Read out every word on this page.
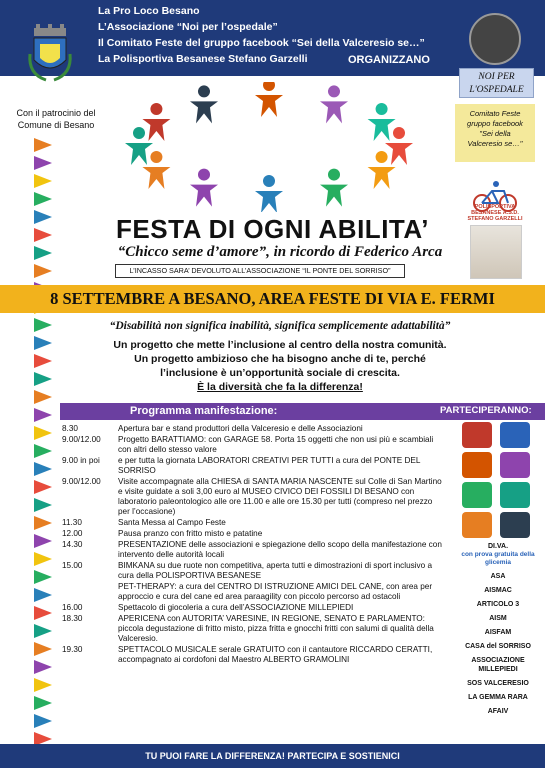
La Pro Loco Besano
L’Associazione “Noi per l’ospedale”
Il Comitato Feste del gruppo facebook “Sei della Valceresio se…”
La Polisportiva Besanese Stefano Garzelli	ORGANIZZANO
Con il patrocinio del Comune di Besano
NOI PER
L'OSPEDALE
Comitato Feste
gruppo facebook
"Sei della
Valceresio se…"
POLISPORTIVA BESANESE A.S.D. STEFANO GARZELLI
FESTA DI OGNI ABILITA’
“Chicco seme d’amore”, in ricordo di Federico Arca
L’INCASSO SARA’ DEVOLUTO ALL’ASSOCIAZIONE “IL PONTE DEL SORRISO”
8 SETTEMBRE A BESANO, AREA FESTE DI VIA E. FERMI
“Disabilità non significa inabilità, significa semplicemente adattabilità”
Un progetto che mette l’inclusione al centro della nostra comunità.
Un progetto ambizioso che ha bisogno anche di te, perché
l’inclusione è un’opportunità sociale di crescita.
È la diversità che fa la differenza!
Programma manifestazione:	PARTECIPERANNO:
8.30	Apertura bar e stand produttori della Valceresio e delle Associazioni
9.00/12.00	Progetto BARATTIAMO: con GARAGE 58. Porta 15 oggetti che non usi più e scambiali con altri dello stesso valore
9.00 in poi	e per tutta la giornata LABORATORI CREATIVI PER TUTTI a cura del PONTE DEL SORRISO
9.00/12.00	Visite accompagnate alla CHIESA di SANTA MARIA NASCENTE sul Colle di San Martino e visite guidate a soli 3,00 euro al MUSEO CIVICO DEI FOSSILI DI BESANO con laboratorio paleontologico alle ore 11.00 e alle ore 15.30 per tutti (compreso nel prezzo per l’occasione)
11.30	Santa Messa al Campo Feste
12.00	Pausa pranzo con fritto misto e patatine
14.30	PRESENTAZIONE delle associazioni e spiegazione dello scopo della manifestazione con intervento delle autorità locali
15.00	BIMKANA su due ruote non competitiva, aperta tutti e dimostrazioni di sport inclusivo a cura della POLISPORTIVA BESANESE
PET-THERAPY: a cura del CENTRO DI ISTRUZIONE AMICI DEL CANE, con area per approccio e cura del cane ed area paraagility con piccolo percorso ad ostacoli
16.00	Spettacolo di giocoleria a cura dell’ASSOCIAZIONE MILLEPIEDI
18.30	APERICENA con AUTORITA’ VARESINE, IN REGIONE, SENATO E PARLAMENTO: piccola degustazione di fritto misto, pizza fritta e gnocchi fritti con salumi di qualità della Valceresio.
19.30	SPETTACOLO MUSICALE serale GRATUITO con il cantautore RICCARDO CERATTI, accompagnato ai cordofoni dal Maestro ALBERTO GRAMOLINI
DI.VA.
con prova gratuita della glicemia
ASA
AISMAC
ARTICOLO 3
AISM
AISFAM
CASA del SORRISO
ASSOCIAZIONE MILLEPIEDI
SOS VALCERESIO
LA GEMMA RARA
AFAIV
TU PUOI FARE LA DIFFERENZA! PARTECIPA E SOSTIENICI
